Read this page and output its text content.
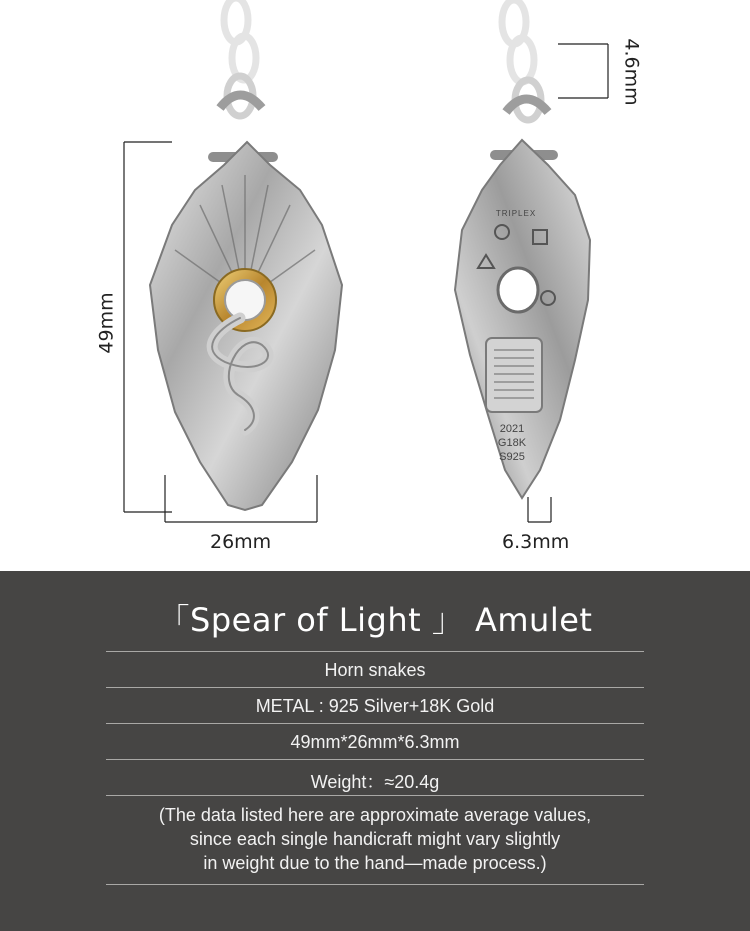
TRIPLEX
2021
G18K
S925
49mm
26mm
4.6mm
6.3mm
「Spear of Light 」 Amulet
Horn snakes
METAL : 925 Silver+18K Gold
49mm*26mm*6.3mm
Weight：≈20.4g
(The data listed here are approximate average values,
since each single handicraft might vary slightly
in weight due to the hand—made process.)
